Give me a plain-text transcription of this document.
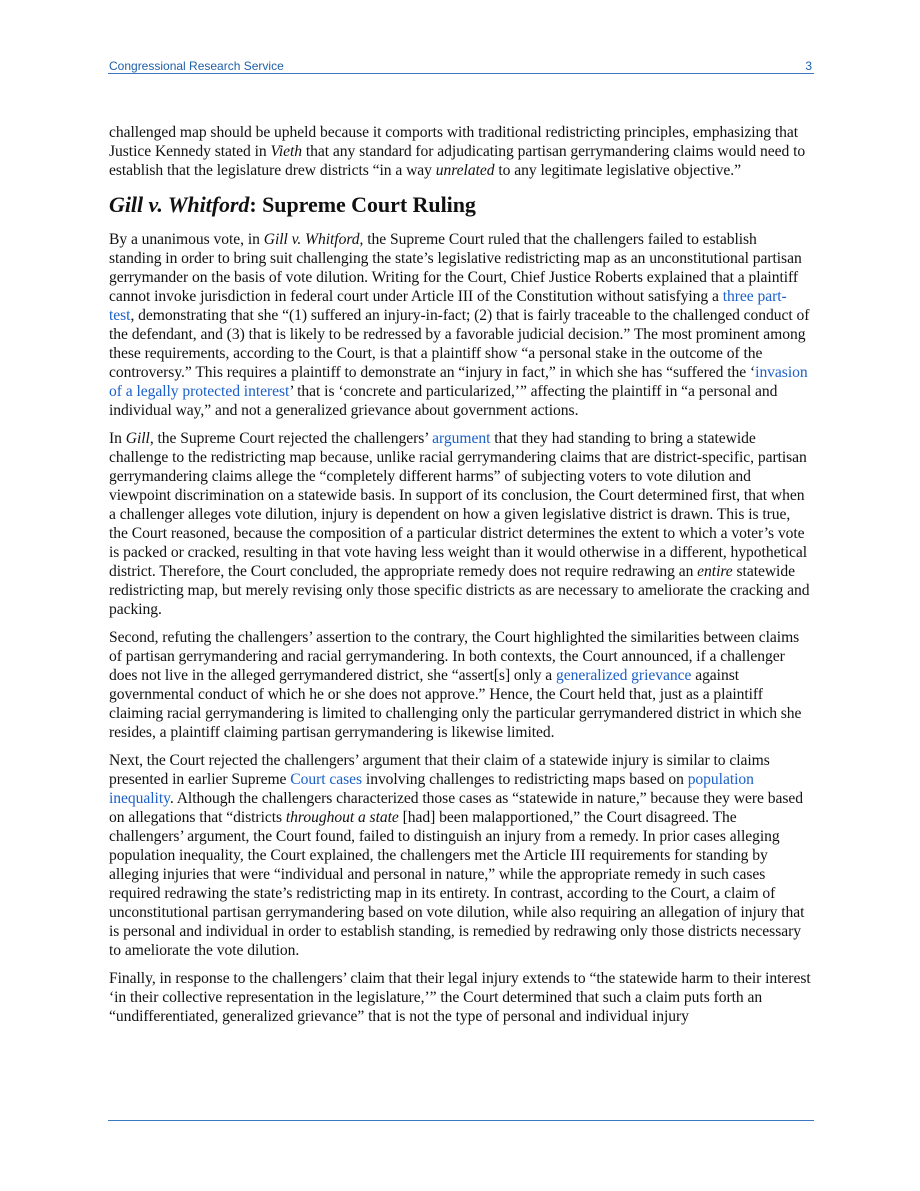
Congressional Research Service	3

challenged map should be upheld because it comports with traditional redistricting principles, emphasizing that Justice Kennedy stated in Vieth that any standard for adjudicating partisan gerrymandering claims would need to establish that the legislature drew districts “in a way unrelated to any legitimate legislative objective.”

Gill v. Whitford: Supreme Court Ruling

By a unanimous vote, in Gill v. Whitford, the Supreme Court ruled that the challengers failed to establish standing in order to bring suit challenging the state’s legislative redistricting map as an unconstitutional partisan gerrymander on the basis of vote dilution. Writing for the Court, Chief Justice Roberts explained that a plaintiff cannot invoke jurisdiction in federal court under Article III of the Constitution without satisfying a three part-test, demonstrating that she “(1) suffered an injury-in-fact; (2) that is fairly traceable to the challenged conduct of the defendant, and (3) that is likely to be redressed by a favorable judicial decision.” The most prominent among these requirements, according to the Court, is that a plaintiff show “a personal stake in the outcome of the controversy.” This requires a plaintiff to demonstrate an “injury in fact,” in which she has “suffered the ‘invasion of a legally protected interest’ that is ‘concrete and particularized,’” affecting the plaintiff in “a personal and individual way,” and not a generalized grievance about government actions.

In Gill, the Supreme Court rejected the challengers’ argument that they had standing to bring a statewide challenge to the redistricting map because, unlike racial gerrymandering claims that are district-specific, partisan gerrymandering claims allege the “completely different harms” of subjecting voters to vote dilution and viewpoint discrimination on a statewide basis. In support of its conclusion, the Court determined first, that when a challenger alleges vote dilution, injury is dependent on how a given legislative district is drawn. This is true, the Court reasoned, because the composition of a particular district determines the extent to which a voter’s vote is packed or cracked, resulting in that vote having less weight than it would otherwise in a different, hypothetical district. Therefore, the Court concluded, the appropriate remedy does not require redrawing an entire statewide redistricting map, but merely revising only those specific districts as are necessary to ameliorate the cracking and packing.

Second, refuting the challengers’ assertion to the contrary, the Court highlighted the similarities between claims of partisan gerrymandering and racial gerrymandering. In both contexts, the Court announced, if a challenger does not live in the alleged gerrymandered district, she “assert[s] only a generalized grievance against governmental conduct of which he or she does not approve.” Hence, the Court held that, just as a plaintiff claiming racial gerrymandering is limited to challenging only the particular gerrymandered district in which she resides, a plaintiff claiming partisan gerrymandering is likewise limited.

Next, the Court rejected the challengers’ argument that their claim of a statewide injury is similar to claims presented in earlier Supreme Court cases involving challenges to redistricting maps based on population inequality. Although the challengers characterized those cases as “statewide in nature,” because they were based on allegations that “districts throughout a state [had] been malapportioned,” the Court disagreed. The challengers’ argument, the Court found, failed to distinguish an injury from a remedy. In prior cases alleging population inequality, the Court explained, the challengers met the Article III requirements for standing by alleging injuries that were “individual and personal in nature,” while the appropriate remedy in such cases required redrawing the state’s redistricting map in its entirety. In contrast, according to the Court, a claim of unconstitutional partisan gerrymandering based on vote dilution, while also requiring an allegation of injury that is personal and individual in order to establish standing, is remedied by redrawing only those districts necessary to ameliorate the vote dilution.

Finally, in response to the challengers’ claim that their legal injury extends to “the statewide harm to their interest ‘in their collective representation in the legislature,’” the Court determined that such a claim puts forth an “undifferentiated, generalized grievance” that is not the type of personal and individual injury
